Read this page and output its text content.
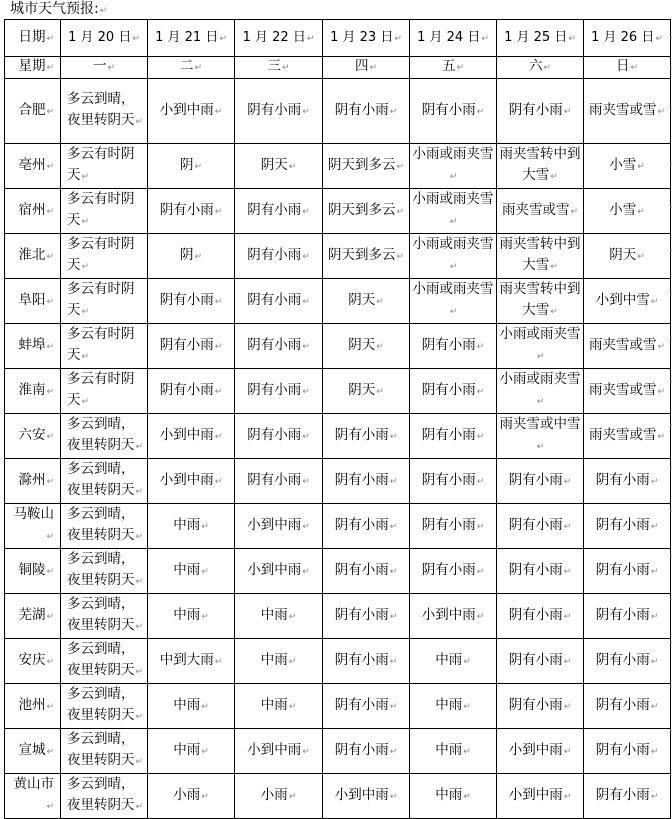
城市天气预报:↵
日期↵	1 月 20 日↵	1 月 21 日↵	1 月 22 日↵	1 月 23 日↵	1 月 24 日↵	1 月 25 日↵	1 月 26 日↵
星期↵	一↵	二↵	三↵	四↵	五↵	六↵	日↵
合肥↵	多云到晴，夜里转阴天↵	小到中雨↵	阴有小雨↵	阴有小雨↵	阴有小雨↵	阴有小雨↵	雨夹雪或雪↵
亳州↵	多云有时阴天↵	阴↵	阴天↵	阴天到多云↵	小雨或雨夹雪↵	雨夹雪转中到大雪↵	小雪↵
宿州↵	多云有时阴天↵	阴有小雨↵	阴有小雨↵	阴天到多云↵	小雨或雨夹雪↵	雨夹雪或雪↵	小雪↵
淮北↵	多云有时阴天↵	阴↵	阴有小雨↵	阴天到多云↵	小雨或雨夹雪↵	雨夹雪转中到大雪↵	阴天↵
阜阳↵	多云有时阴天↵	阴有小雨↵	阴有小雨↵	阴天↵	小雨或雨夹雪↵	雨夹雪转中到大雪↵	小到中雪↵
蚌埠↵	多云有时阴天↵	阴有小雨↵	阴有小雨↵	阴天↵	阴有小雨↵	小雨或雨夹雪↵	雨夹雪或雪↵
淮南↵	多云有时阴天↵	阴有小雨↵	阴有小雨↵	阴天↵	阴有小雨↵	小雨或雨夹雪↵	雨夹雪或雪↵
六安↵	多云到晴，夜里转阴天↵	小到中雨↵	阴有小雨↵	阴有小雨↵	阴有小雨↵	雨夹雪或中雪↵	雨夹雪或雪↵
滁州↵	多云到晴，夜里转阴天↵	小到中雨↵	阴有小雨↵	阴有小雨↵	阴有小雨↵	阴有小雨↵	阴有小雨↵
马鞍山↵	多云到晴，夜里转阴天↵	中雨↵	小到中雨↵	阴有小雨↵	阴有小雨↵	阴有小雨↵	阴有小雨↵
铜陵↵	多云到晴，夜里转阴天↵	中雨↵	小到中雨↵	阴有小雨↵	阴有小雨↵	阴有小雨↵	阴有小雨↵
芜湖↵	多云到晴，夜里转阴天↵	中雨↵	中雨↵	阴有小雨↵	小到中雨↵	阴有小雨↵	阴有小雨↵
安庆↵	多云到晴，夜里转阴天↵	中到大雨↵	中雨↵	阴有小雨↵	中雨↵	阴有小雨↵	阴有小雨↵
池州↵	多云到晴，夜里转阴天↵	中雨↵	中雨↵	阴有小雨↵	中雨↵	阴有小雨↵	阴有小雨↵
宣城↵	多云到晴，夜里转阴天↵	中雨↵	小到中雨↵	阴有小雨↵	中雨↵	小到中雨↵	阴有小雨↵
黄山市↵	多云到晴，夜里转阴天↵	小雨↵	小雨↵	小到中雨↵	中雨↵	小到中雨↵	阴有小雨↵
